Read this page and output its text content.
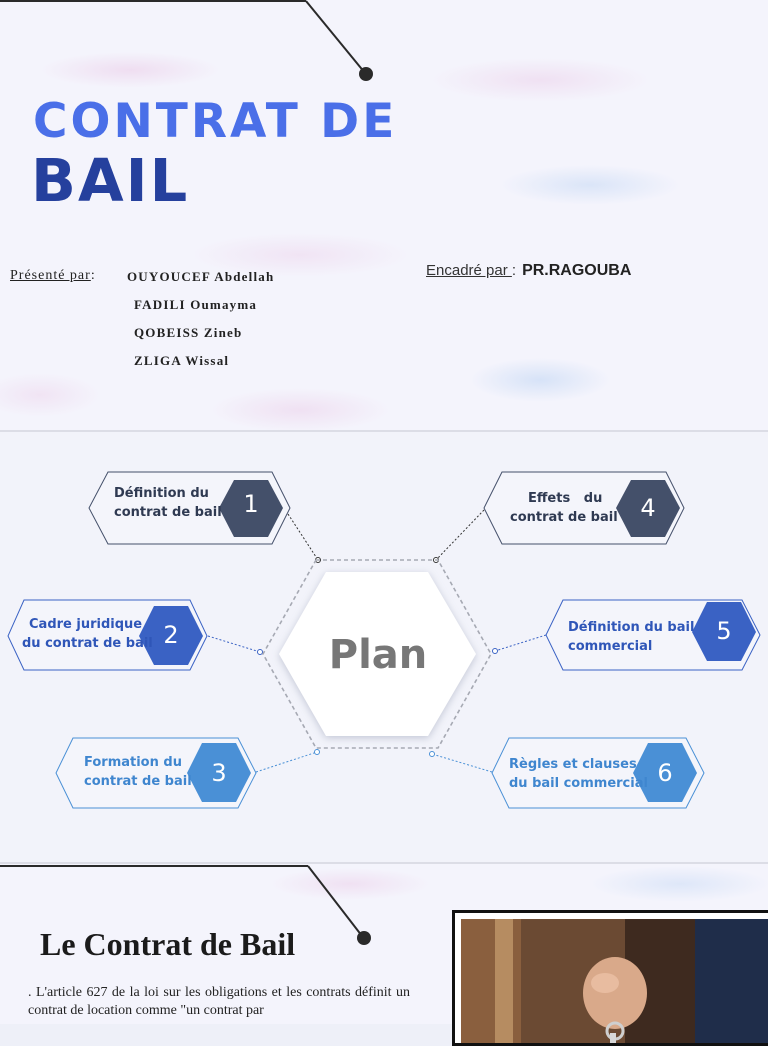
CONTRAT DE
BAIL
Présenté par: OUYOUCEF Abdellah
FADILI Oumayma
QOBEISS Zineb
ZLIGA Wissal
Encadré par : PR.RAGOUBA
Plan
Définition du
contrat de bail 1
Cadre juridique
du contrat de bail 2
Formation du
contrat de bail 3
Effets   du
contrat de bail 4
Définition du bail
commercial
5
Règles et clauses
du bail commercial 6
Le Contrat de Bail
. L'article 627 de la loi sur les obligations et les contrats définit un contrat de location comme "un contrat par
